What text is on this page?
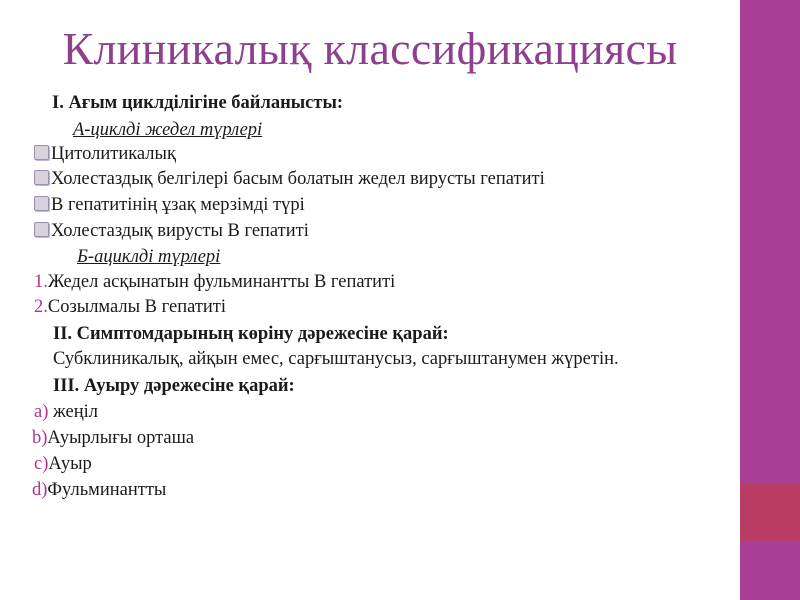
Клиникалық классификациясы
І. Ағым циклділігіне байланысты:
А-циклді жедел түрлері
Цитолитикалық
Холестаздық белгілері басым болатын жедел вирусты гепатиті
В гепатитінің ұзақ мерзімді түрі
Холестаздық вирусты В гепатиті
Б-ациклді түрлері
1.Жедел асқынатын фульминантты В гепатиті
2.Созылмалы В гепатиті
ІІ. Симптомдарының көріну дәрежесіне қарай:
Субклиникалық, айқын емес, сарғыштанусыз, сарғыштанумен жүретін.
ІІІ. Ауыру дәрежесіне қарай:
a) жеңіл
b)Ауырлығы орташа
c)Ауыр
d)Фульминантты
